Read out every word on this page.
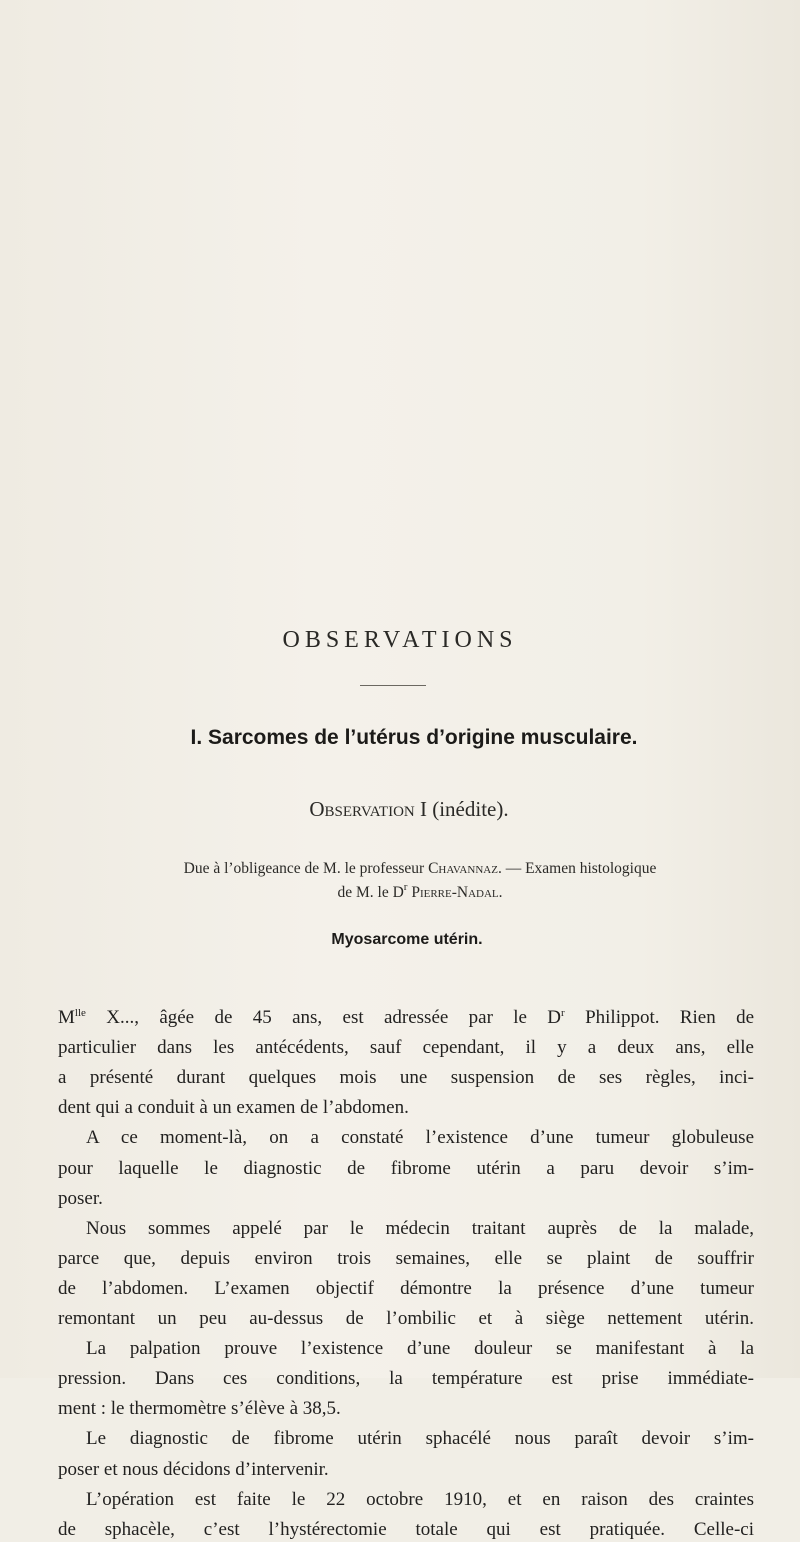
OBSERVATIONS
I. Sarcomes de l’utérus d’origine musculaire.
Observation I (inédite).
Due à l’obligeance de M. le professeur Chavannaz. — Examen histologique
de M. le $D^r$ Pierre-Nadal.
Myosarcome utérin.
$M^{lle}$ X..., âgée de 45 ans, est adressée par le $D^r$ Philippot. Rien de
particulier dans les antécédents, sauf cependant, il y a deux ans, elle
a présenté durant quelques mois une suspension de ses règles, inci-
dent qui a conduit à un examen de l’abdomen.
A ce moment-là, on a constaté l’existence d’une tumeur globuleuse
pour laquelle le diagnostic de fibrome utérin a paru devoir s’im-
poser.
Nous sommes appelé par le médecin traitant auprès de la malade,
parce que, depuis environ trois semaines, elle se plaint de souffrir
de l’abdomen. L’examen objectif démontre la présence d’une tumeur
remontant un peu au-dessus de l’ombilic et à siège nettement utérin.
La palpation prouve l’existence d’une douleur se manifestant à la
pression. Dans ces conditions, la température est prise immédiate-
ment : le thermomètre s’élève à 38,5.
Le diagnostic de fibrome utérin sphacélé nous paraît devoir s’im-
poser et nous décidons d’intervenir.
L’opération est faite le 22 octobre 1910, et en raison des craintes
de sphacèle, c’est l’hystérectomie totale qui est pratiquée. Celle-ci
